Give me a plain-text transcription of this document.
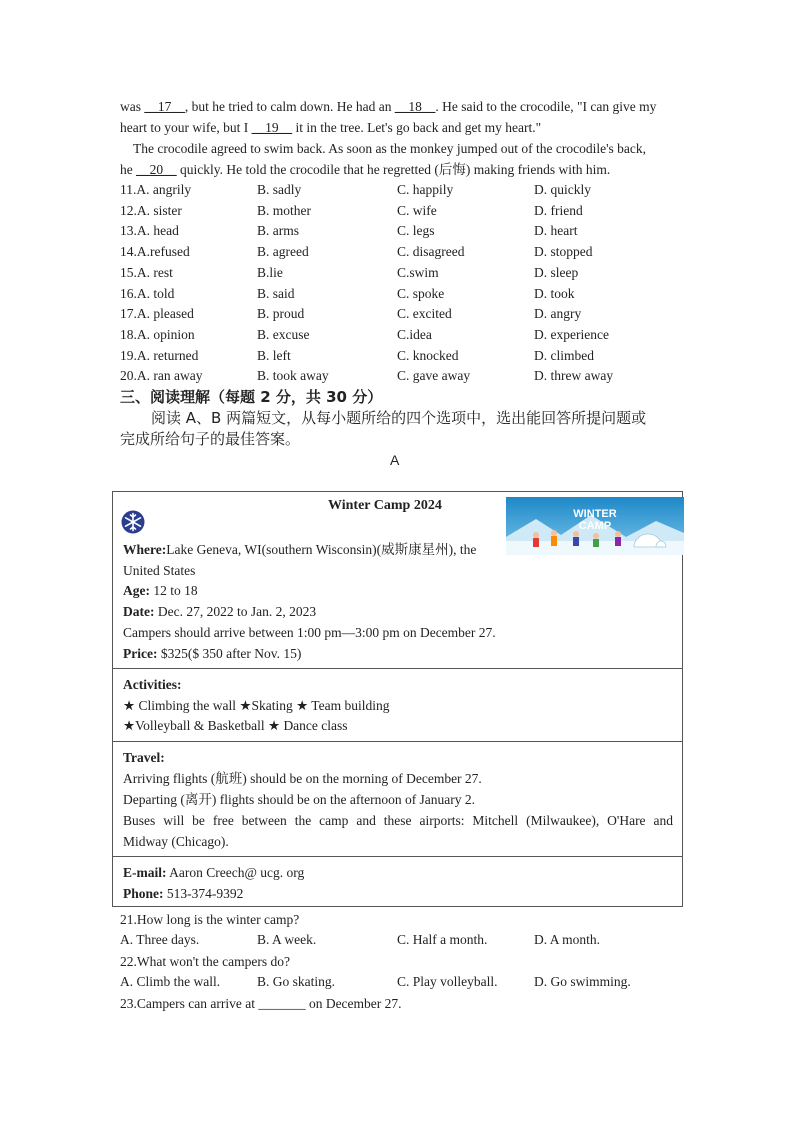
was __17__, but he tried to calm down. He had an __18__. He said to the crocodile, "I can give my
heart to your wife, but I __19__ it in the tree. Let's go back and get my heart."
The crocodile agreed to swim back. As soon as the monkey jumped out of the crocodile's back,
he __20__ quickly. He told the crocodile that he regretted (后悔) making friends with him.
11.A. angrily	B. sadly	C. happily	D. quickly
12.A. sister	B. mother	C. wife	D. friend
13.A. head	B. arms	C. legs	D. heart
14.A.refused	B. agreed	C. disagreed	D. stopped
15.A. rest	B.lie	C.swim	D. sleep
16.A. told	B. said	C. spoke	D. took
17.A. pleased	B. proud	C. excited	D. angry
18.A. opinion	B. excuse	C.idea	D. experience
19.A. returned	B. left	C. knocked	D. climbed
20.A. ran away	B. took away	C. gave away	D. threw away
三、阅读理解（每题 2 分，共 30 分）
阅读 A、B 两篇短文，从每小题所给的四个选项中，选出能回答所提问题或
完成所给句子的最佳答案。
A
Winter Camp 2024
WINTER
CAMP
Where:Lake Geneva, WI(southern Wisconsin)(威斯康星州), the
United States
Age: 12 to 18
Date: Dec. 27, 2022 to Jan. 2, 2023
Campers should arrive between 1:00 pm—3:00 pm on December 27.
Price: $325($ 350 after Nov. 15)
Activities:
★ Climbing the wall ★Skating ★ Team building
★Volleyball & Basketball ★ Dance class
Travel:
Arriving flights (航班) should be on the morning of December 27.
Departing (离开) flights should be on the afternoon of January 2.
Buses will be free between the camp and these airports: Mitchell (Milwaukee), O'Hare and
Midway (Chicago).
E-mail: Aaron Creech@ ucg. org
Phone: 513-374-9392
21.How long is the winter camp?
A. Three days.	B. A week.	C. Half a month.	D. A month.
22.What won't the campers do?
A. Climb the wall.	B. Go skating.	C. Play volleyball.	D. Go swimming.
23.Campers can arrive at _______ on December 27.
